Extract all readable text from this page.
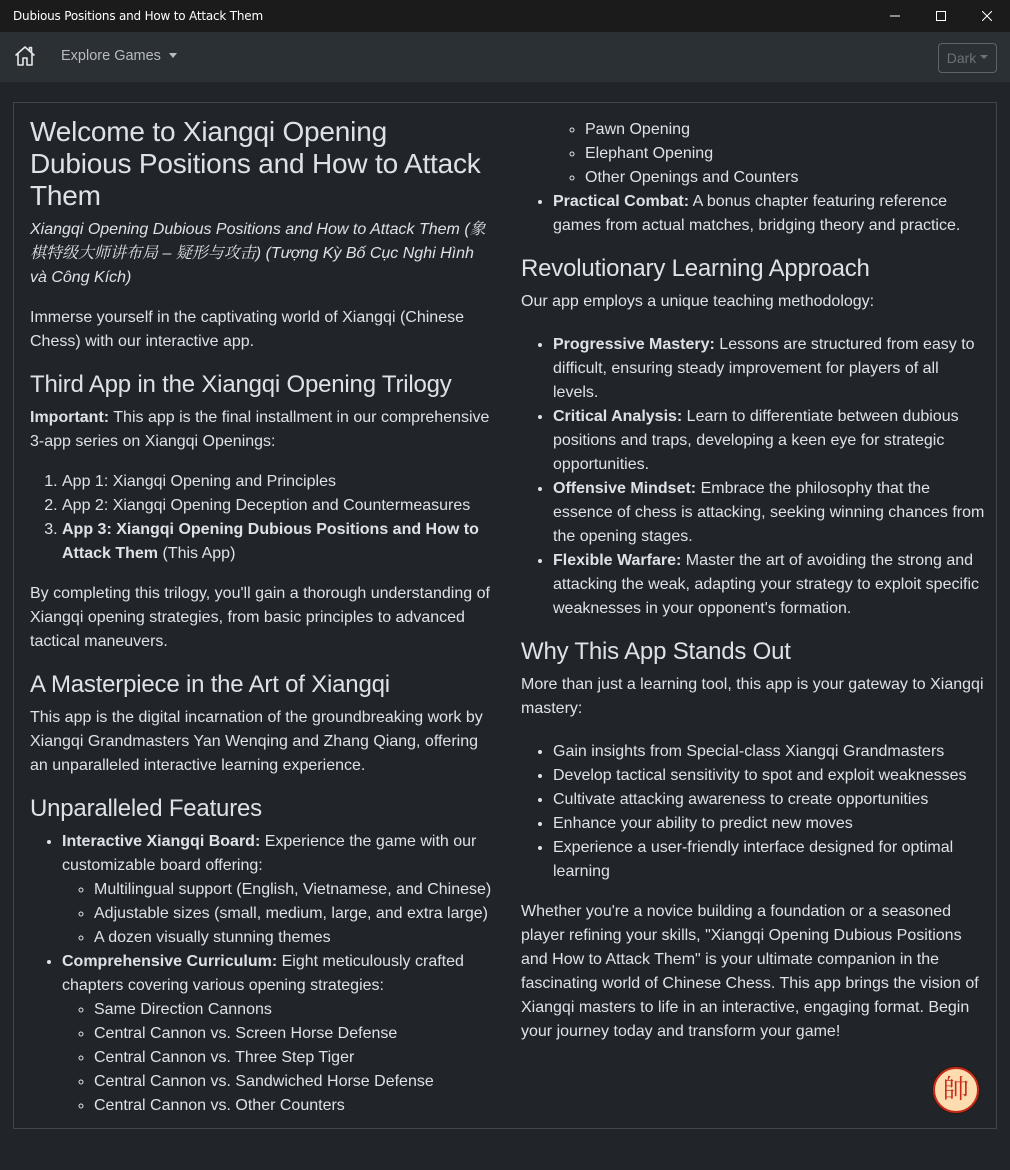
Dubious Positions and How to Attack Them
Explore Games	Dark
Welcome to Xiangqi Opening Dubious Positions and How to Attack Them

Xiangqi Opening Dubious Positions and How to Attack Them (象棋特级大师讲布局 – 疑形与攻击) (Tượng Kỳ Bố Cục Nghi Hình và Công Kích)

Immerse yourself in the captivating world of Xiangqi (Chinese Chess) with our interactive app.

Third App in the Xiangqi Opening Trilogy

Important: This app is the final installment in our comprehensive 3-app series on Xiangqi Openings:

1. App 1: Xiangqi Opening and Principles
2. App 2: Xiangqi Opening Deception and Countermeasures
3. App 3: Xiangqi Opening Dubious Positions and How to Attack Them (This App)

By completing this trilogy, you'll gain a thorough understanding of Xiangqi opening strategies, from basic principles to advanced tactical maneuvers.

A Masterpiece in the Art of Xiangqi

This app is the digital incarnation of the groundbreaking work by Xiangqi Grandmasters Yan Wenqing and Zhang Qiang, offering an unparalleled interactive learning experience.

Unparalleled Features
• Interactive Xiangqi Board: Experience the game with our customizable board offering:
◦ Multilingual support (English, Vietnamese, and Chinese)
◦ Adjustable sizes (small, medium, large, and extra large)
◦ A dozen visually stunning themes
• Comprehensive Curriculum: Eight meticulously crafted chapters covering various opening strategies:
◦ Same Direction Cannons
◦ Central Cannon vs. Screen Horse Defense
◦ Central Cannon vs. Three Step Tiger
◦ Central Cannon vs. Sandwiched Horse Defense
◦ Central Cannon vs. Other Counters
◦ Pawn Opening
◦ Elephant Opening
◦ Other Openings and Counters
• Practical Combat: A bonus chapter featuring reference games from actual matches, bridging theory and practice.
Revolutionary Learning Approach

Our app employs a unique teaching methodology:

• Progressive Mastery: Lessons are structured from easy to difficult, ensuring steady improvement for players of all levels.
• Critical Analysis: Learn to differentiate between dubious positions and traps, developing a keen eye for strategic opportunities.
• Offensive Mindset: Embrace the philosophy that the essence of chess is attacking, seeking winning chances from the opening stages.
• Flexible Warfare: Master the art of avoiding the strong and attacking the weak, adapting your strategy to exploit specific weaknesses in your opponent's formation.
Why This App Stands Out

More than just a learning tool, this app is your gateway to Xiangqi mastery:

• Gain insights from Special-class Xiangqi Grandmasters
• Develop tactical sensitivity to spot and exploit weaknesses
• Cultivate attacking awareness to create opportunities
• Enhance your ability to predict new moves
• Experience a user-friendly interface designed for optimal learning

Whether you're a novice building a foundation or a seasoned player refining your skills, "Xiangqi Opening Dubious Positions and How to Attack Them" is your ultimate companion in the fascinating world of Chinese Chess. This app brings the vision of Xiangqi masters to life in an interactive, engaging format. Begin your journey today and transform your game!

帥
